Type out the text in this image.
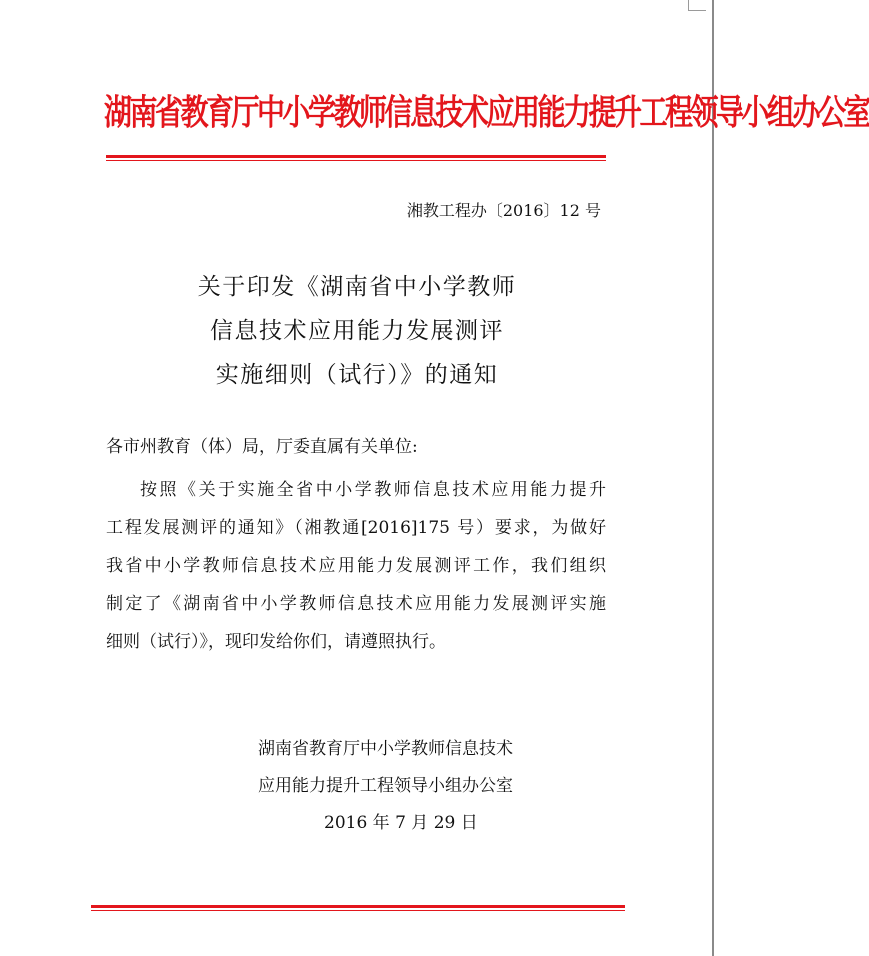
湖南省教育厅中小学教师信息技术应用能力提升工程领导小组办公室
湘教工程办〔2016〕12 号
关于印发《湖南省中小学教师
信息技术应用能力发展测评
实施细则（试行）》的通知
各市州教育（体）局，厅委直属有关单位:
按照《关于实施全省中小学教师信息技术应用能力提升
工程发展测评的通知》（湘教通[2016]175 号）要求，为做好
我省中小学教师信息技术应用能力发展测评工作，我们组织
制定了《湖南省中小学教师信息技术应用能力发展测评实施
细则（试行）》，现印发给你们，请遵照执行。
湖南省教育厅中小学教师信息技术
应用能力提升工程领导小组办公室
2016 年 7 月 29 日
